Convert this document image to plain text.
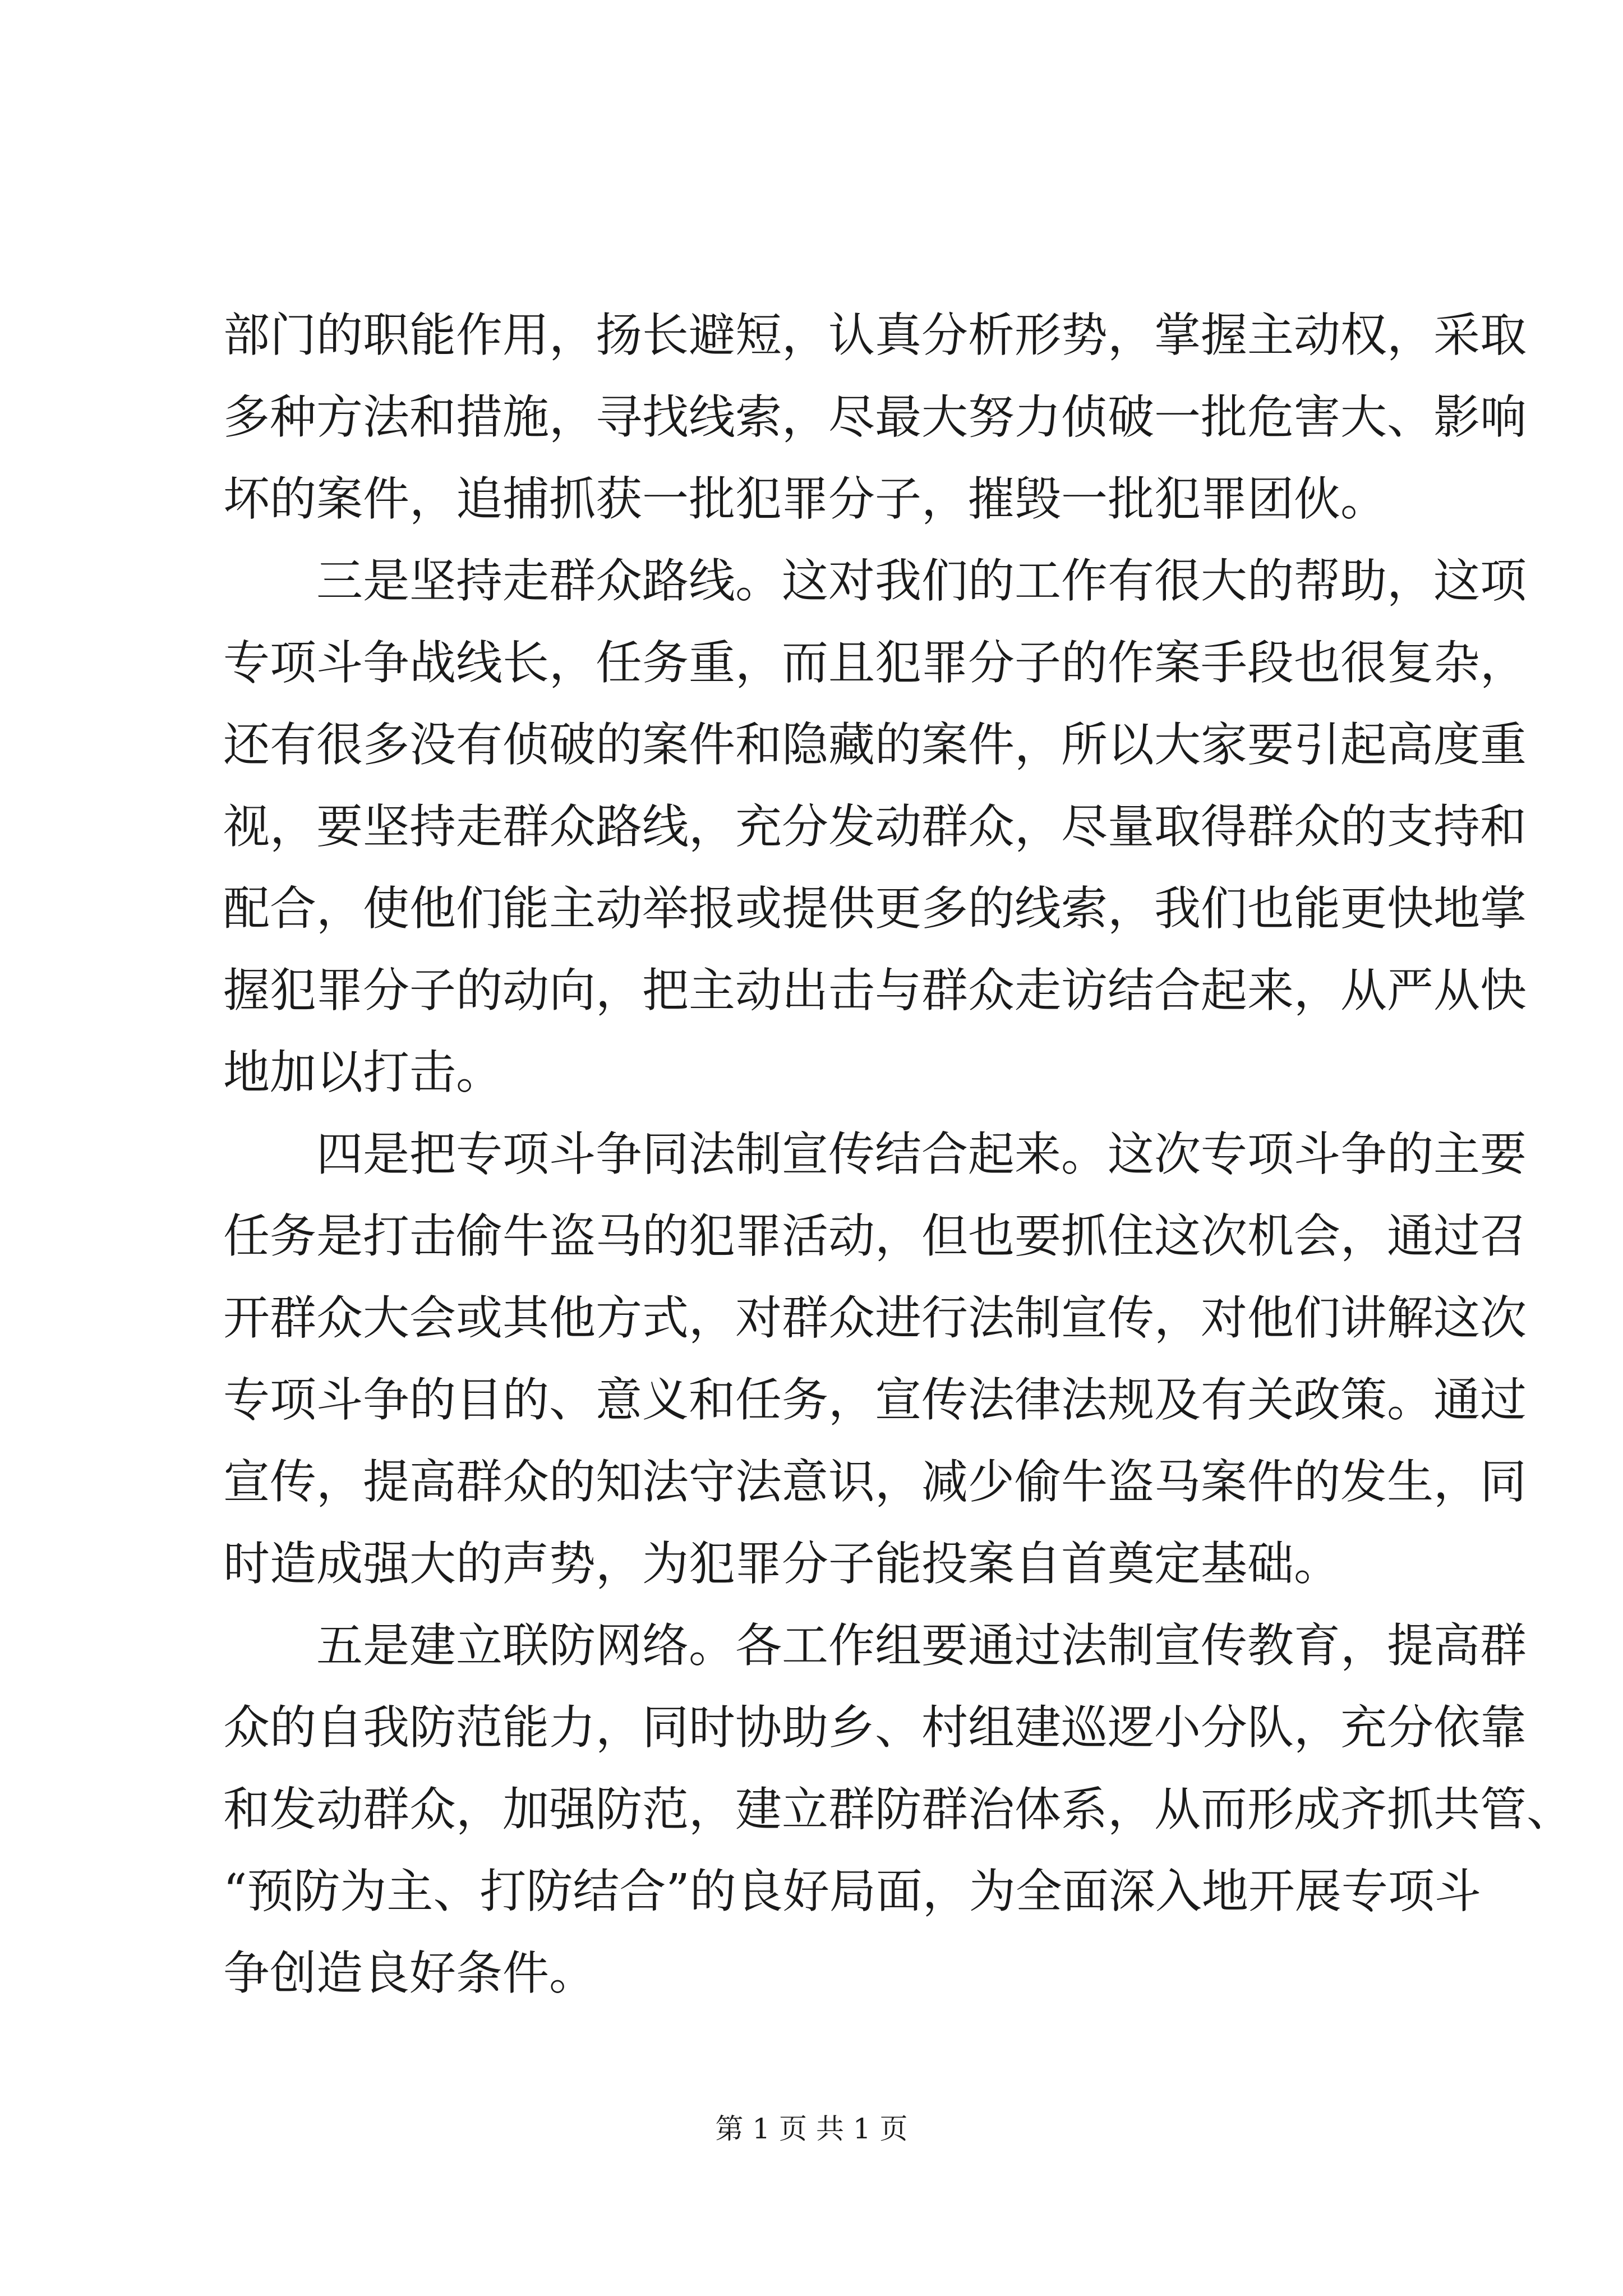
部门的职能作用，扬长避短，认真分析形势，掌握主动权，采取
多种方法和措施，寻找线索，尽最大努力侦破一批危害大、影响
坏的案件，追捕抓获一批犯罪分子，摧毁一批犯罪团伙。
　　三是坚持走群众路线。这对我们的工作有很大的帮助，这项
专项斗争战线长，任务重，而且犯罪分子的作案手段也很复杂，
还有很多没有侦破的案件和隐藏的案件，所以大家要引起高度重
视，要坚持走群众路线，充分发动群众，尽量取得群众的支持和
配合，使他们能主动举报或提供更多的线索，我们也能更快地掌
握犯罪分子的动向，把主动出击与群众走访结合起来，从严从快
地加以打击。
　　四是把专项斗争同法制宣传结合起来。这次专项斗争的主要
任务是打击偷牛盗马的犯罪活动，但也要抓住这次机会，通过召
开群众大会或其他方式，对群众进行法制宣传，对他们讲解这次
专项斗争的目的、意义和任务，宣传法律法规及有关政策。通过
宣传，提高群众的知法守法意识，减少偷牛盗马案件的发生，同
时造成强大的声势，为犯罪分子能投案自首奠定基础。
　　五是建立联防网络。各工作组要通过法制宣传教育，提高群
众的自我防范能力，同时协助乡、村组建巡逻小分队，充分依靠
和发动群众，加强防范，建立群防群治体系，从而形成齐抓共管、
“预防为主、打防结合”的良好局面，为全面深入地开展专项斗
争创造良好条件。
第 1 页 共 1 页
